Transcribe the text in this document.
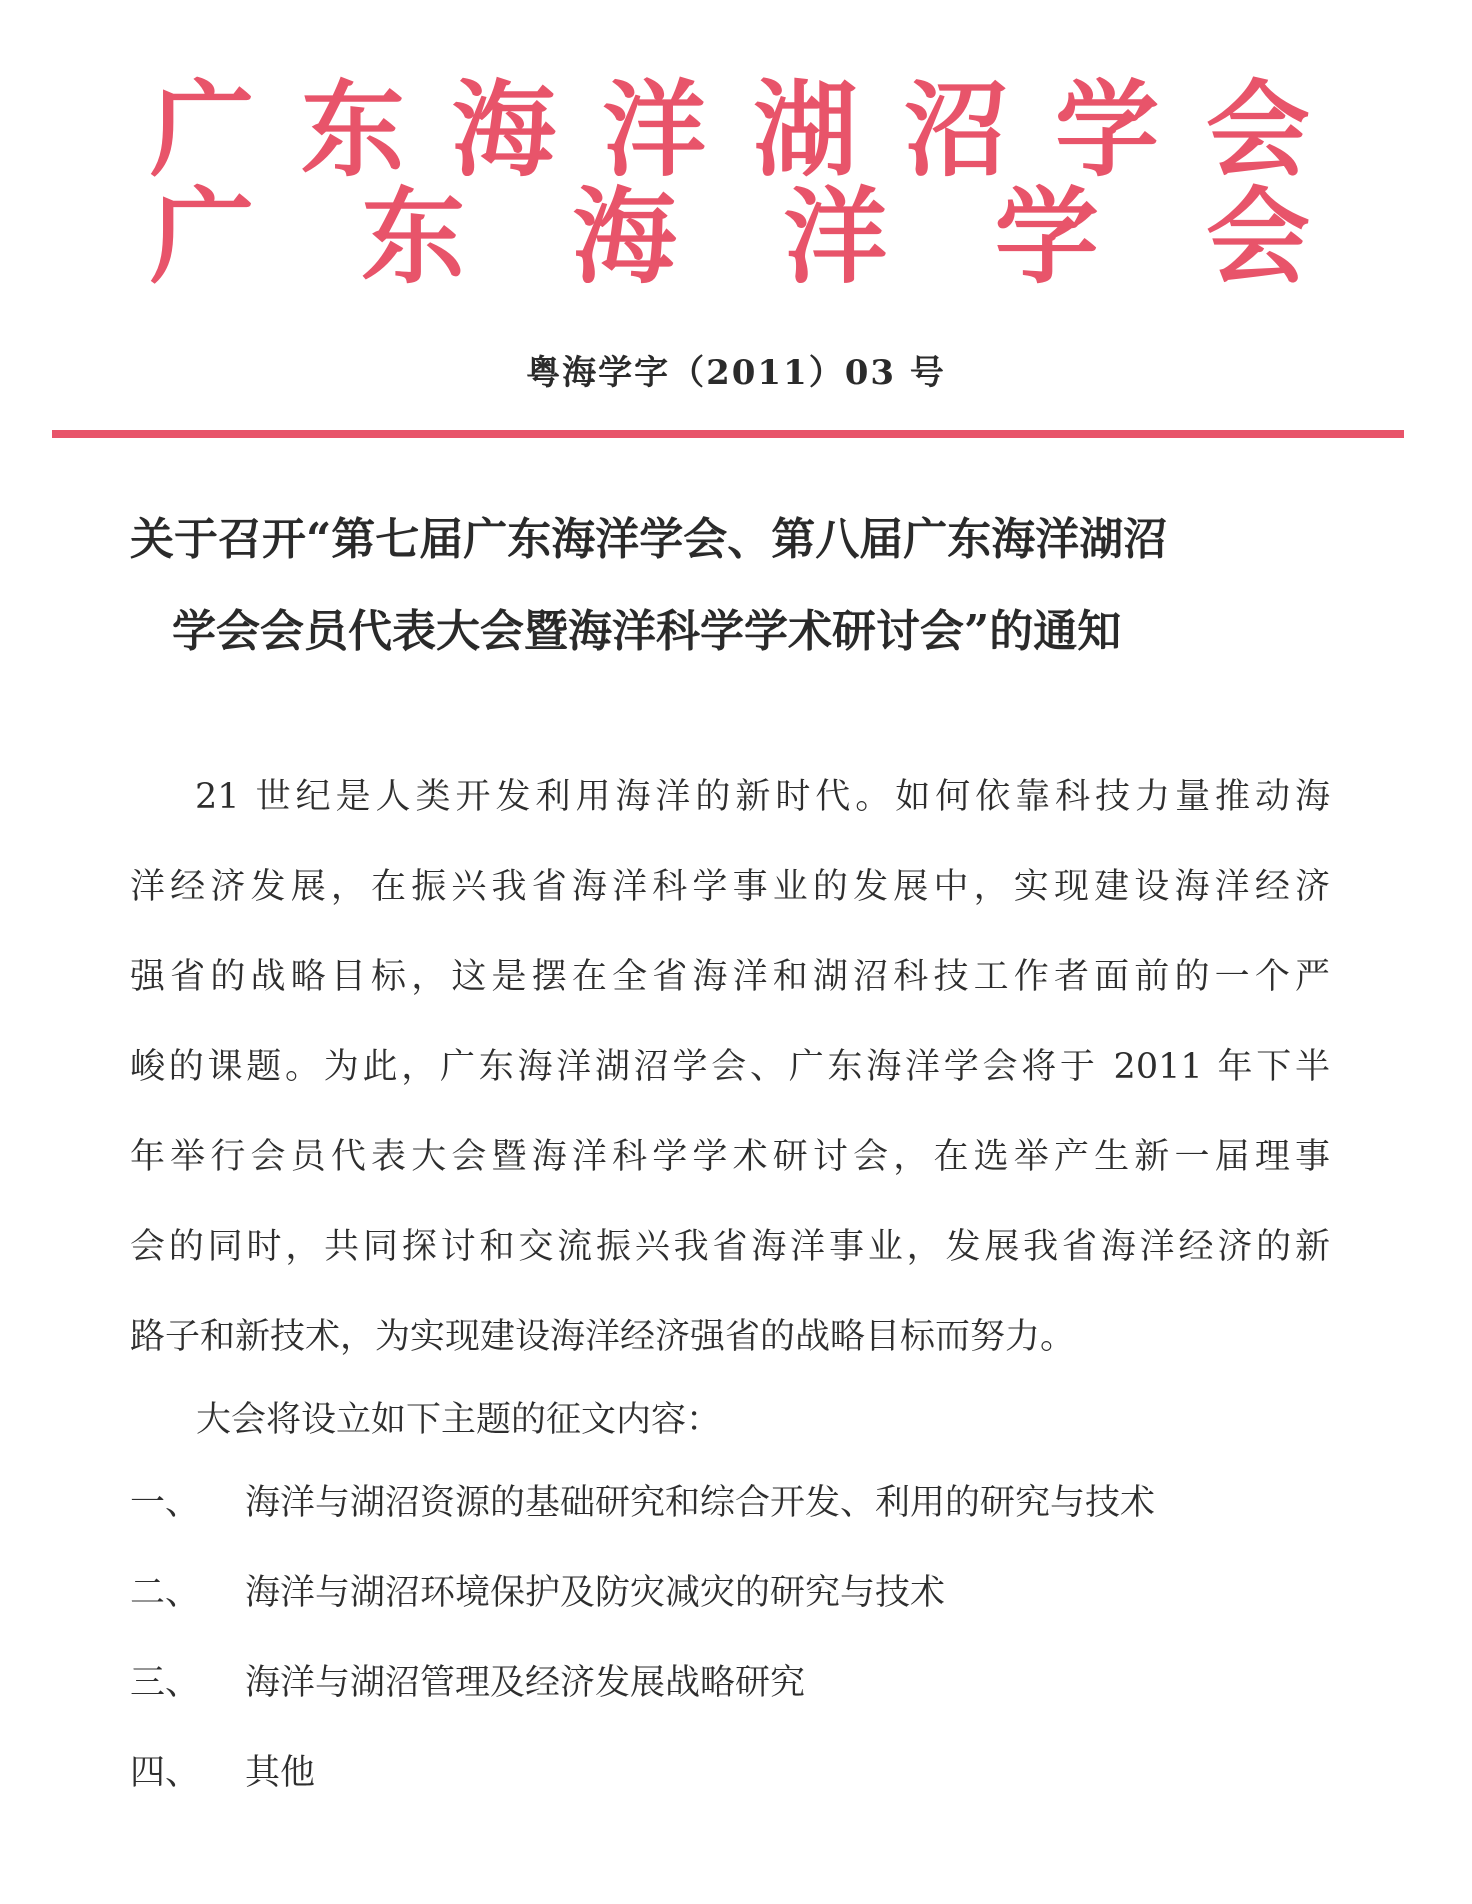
广 东 海 洋 湖 沼 学 会
广 东 海 洋 学 会
粤海学字（2011）03 号
关于召开“第七届广东海洋学会、第八届广东海洋湖沼
学会会员代表大会暨海洋科学学术研讨会”的通知
21 世纪是人类开发利用海洋的新时代。如何依靠科技力量推动海
洋经济发展，在振兴我省海洋科学事业的发展中，实现建设海洋经济
强省的战略目标，这是摆在全省海洋和湖沼科技工作者面前的一个严
峻的课题。为此，广东海洋湖沼学会、广东海洋学会将于 2011 年下半
年举行会员代表大会暨海洋科学学术研讨会，在选举产生新一届理事
会的同时，共同探讨和交流振兴我省海洋事业，发展我省海洋经济的新
路子和新技术，为实现建设海洋经济强省的战略目标而努力。
大会将设立如下主题的征文内容：
一、 海洋与湖沼资源的基础研究和综合开发、利用的研究与技术
二、 海洋与湖沼环境保护及防灾减灾的研究与技术
三、 海洋与湖沼管理及经济发展战略研究
四、 其他
